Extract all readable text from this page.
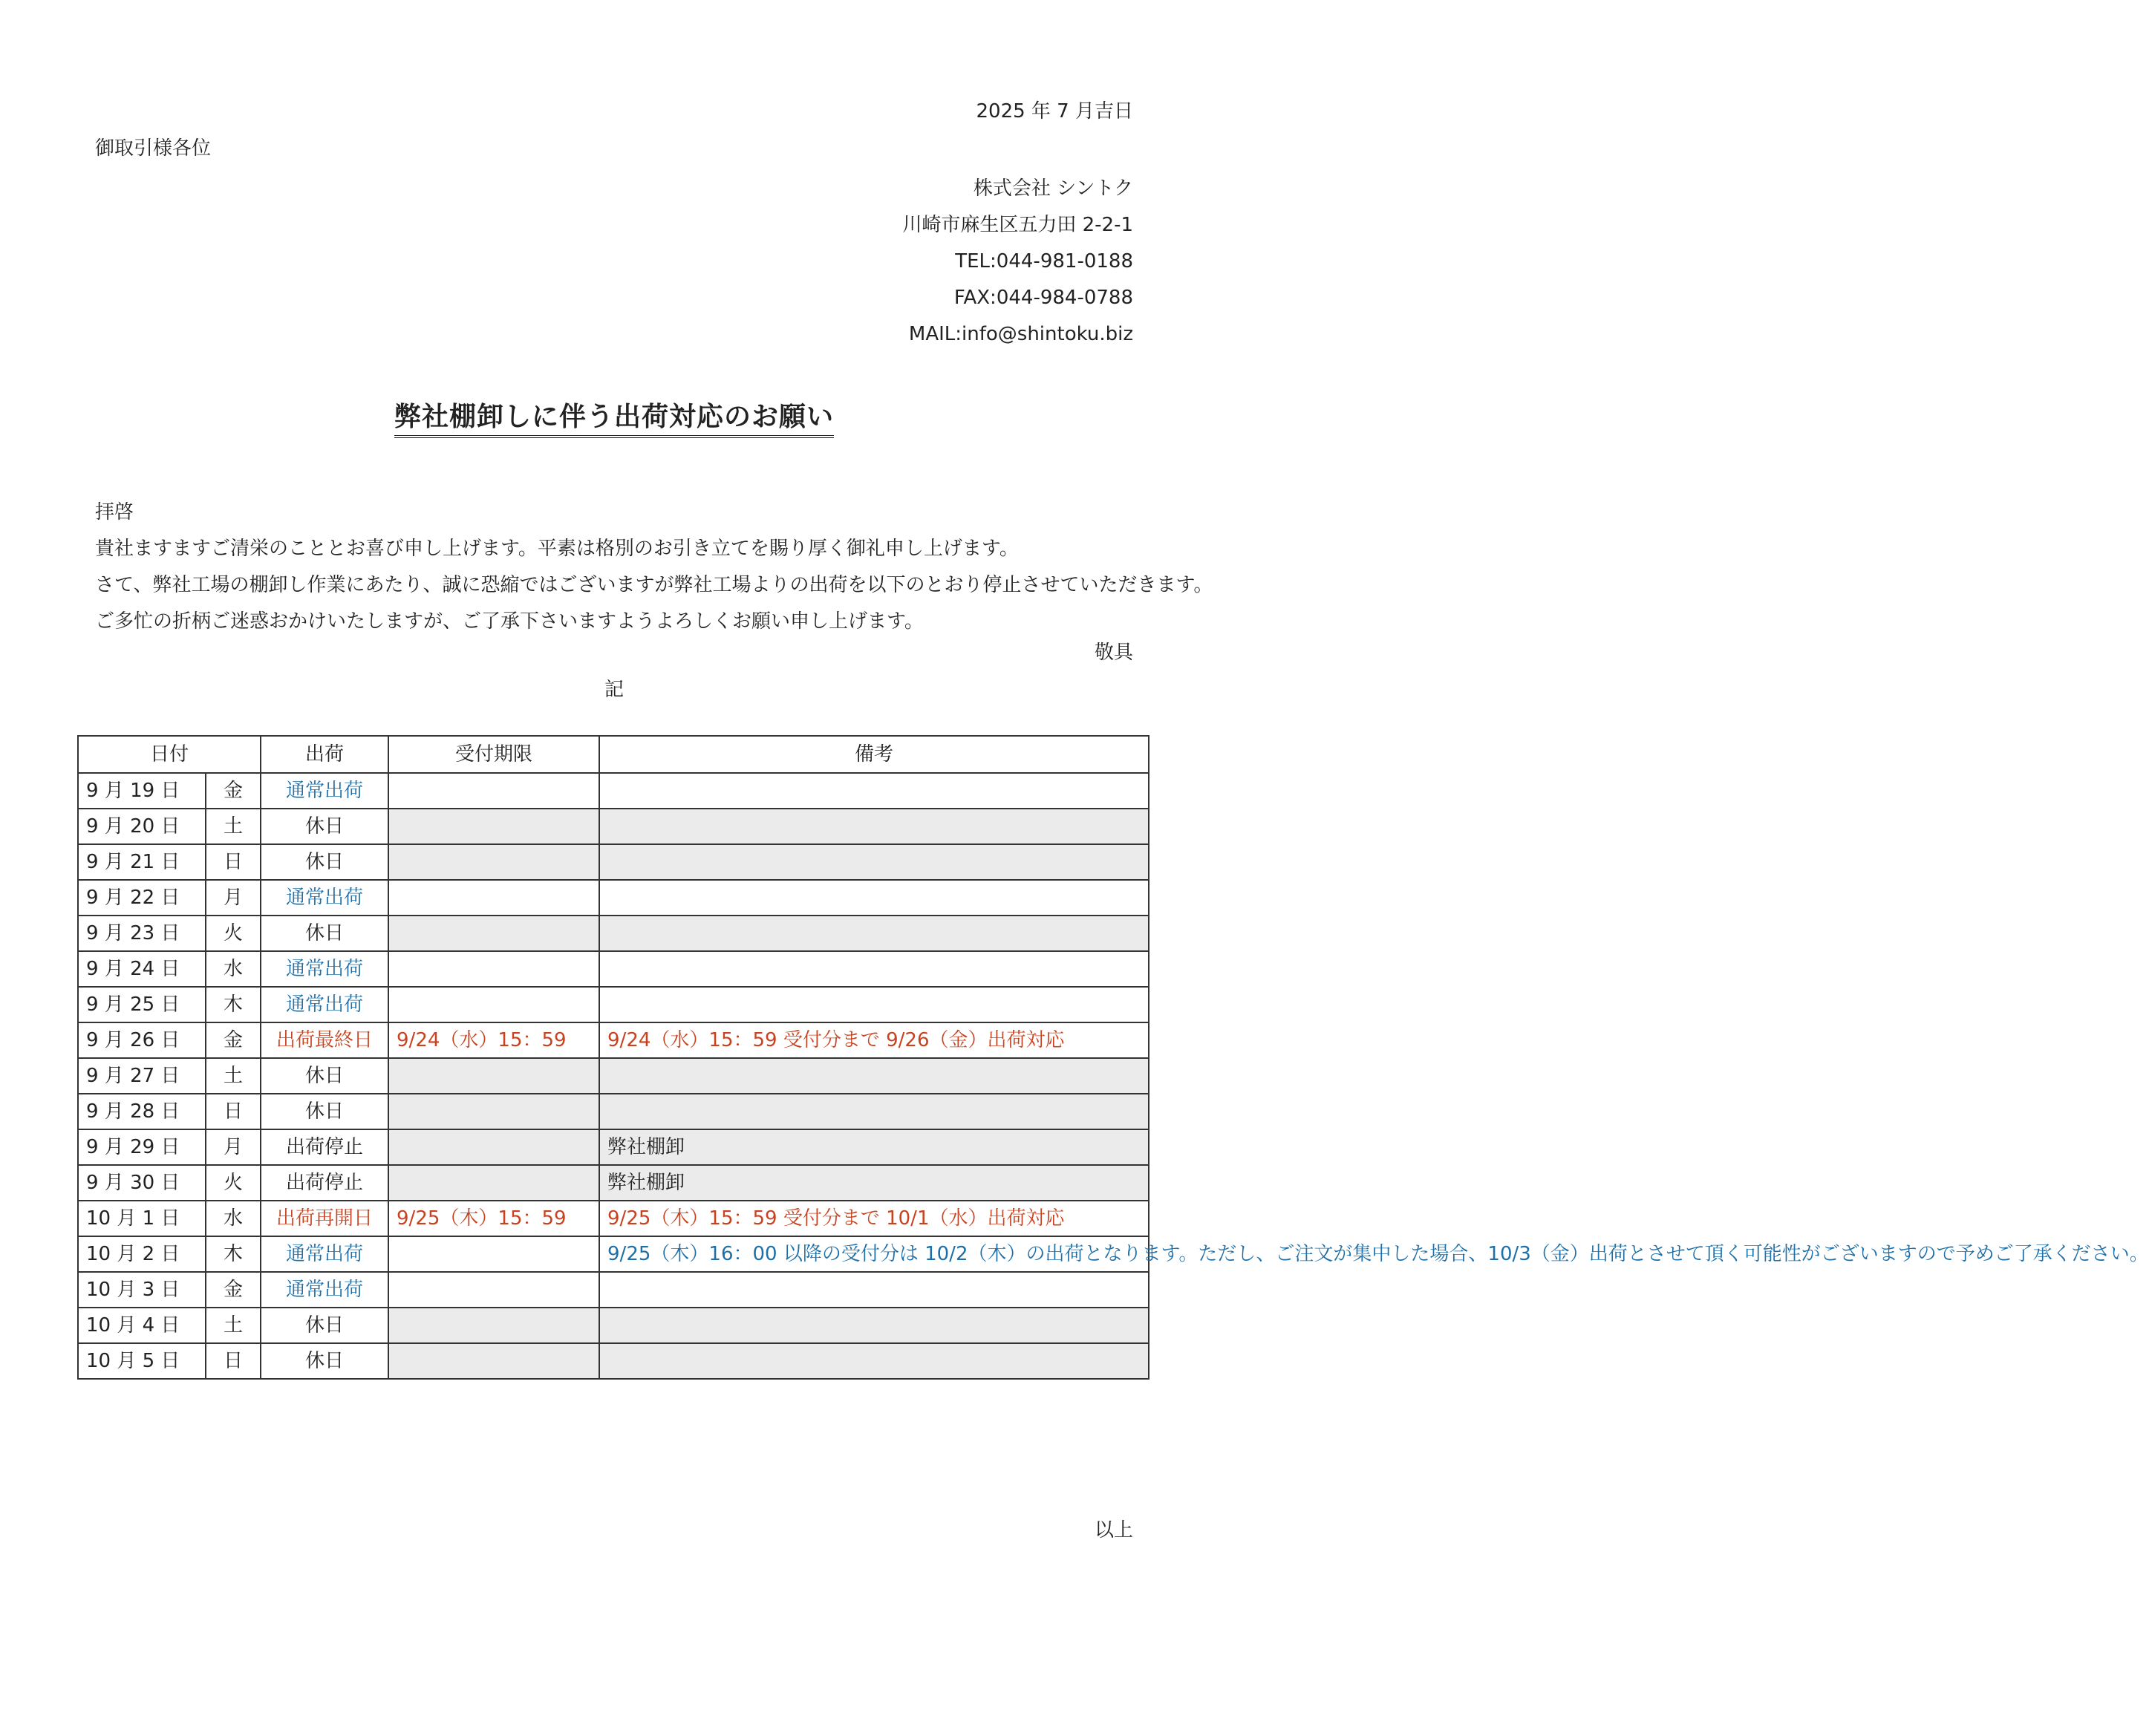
2025 年 7 月吉日
御取引様各位
株式会社 シントク
川崎市麻生区五力田 2-2-1
TEL:044-981-0188
FAX:044-984-0788
MAIL:info@shintoku.biz
弊社棚卸しに伴う出荷対応のお願い
拝啓
貴社ますますご清栄のこととお喜び申し上げます。平素は格別のお引き立てを賜り厚く御礼申し上げます。
さて、弊社工場の棚卸し作業にあたり、誠に恐縮ではございますが弊社工場よりの出荷を以下のとおり停止させていただきます。
ご多忙の折柄ご迷惑おかけいたしますが、ご了承下さいますようよろしくお願い申し上げます。
敬具
記
日付		出荷	受付期限	備考
9 月 19 日	金	通常出荷		
9 月 20 日	土	休日		
9 月 21 日	日	休日		
9 月 22 日	月	通常出荷		
9 月 23 日	火	休日		
9 月 24 日	水	通常出荷		
9 月 25 日	木	通常出荷		
9 月 26 日	金	出荷最終日	9/24（水）15：59	9/24（水）15：59 受付分まで 9/26（金）出荷対応
9 月 27 日	土	休日		
9 月 28 日	日	休日		
9 月 29 日	月	出荷停止		弊社棚卸
9 月 30 日	火	出荷停止		弊社棚卸
10 月 1 日	水	出荷再開日	9/25（木）15：59	9/25（木）15：59 受付分まで 10/1（水）出荷対応
10 月 2 日	木	通常出荷		9/25（木）16：00 以降の受付分は 10/2（木）の出荷となります。ただし、ご注文が集中した場合、10/3（金）出荷とさせて頂く可能性がございますので予めご了承ください。
10 月 3 日	金	通常出荷		
10 月 4 日	土	休日		
10 月 5 日	日	休日		
以上
